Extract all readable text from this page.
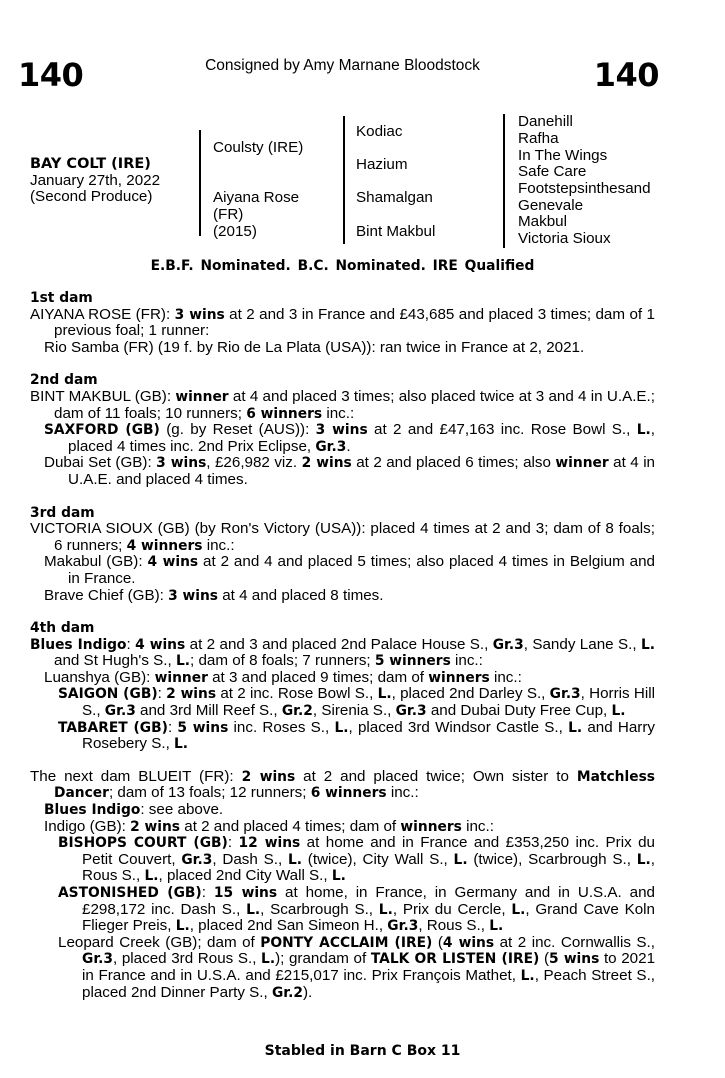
140	Consigned by Amy Marnane Bloodstock	140
BAY COLT (IRE)
January 27th, 2022
(Second Produce)
Coulsty (IRE)
Aiyana Rose
(FR)
(2015)
Kodiac
Hazium
Shamalgan
Bint Makbul
Danehill
Rafha
In The Wings
Safe Care
Footstepsinthesand
Genevale
Makbul
Victoria Sioux
E.B.F. Nominated. B.C. Nominated. IRE Qualified
1st dam
AIYANA ROSE (FR): 3 wins at 2 and 3 in France and £43,685 and placed 3 times; dam of 1 previous foal; 1 runner:
Rio Samba (FR) (19 f. by Rio de La Plata (USA)): ran twice in France at 2, 2021.
2nd dam
BINT MAKBUL (GB): winner at 4 and placed 3 times; also placed twice at 3 and 4 in U.A.E.; dam of 11 foals; 10 runners; 6 winners inc.:
SAXFORD (GB) (g. by Reset (AUS)): 3 wins at 2 and £47,163 inc. Rose Bowl S., L., placed 4 times inc. 2nd Prix Eclipse, Gr.3.
Dubai Set (GB): 3 wins, £26,982 viz. 2 wins at 2 and placed 6 times; also winner at 4 in U.A.E. and placed 4 times.
3rd dam
VICTORIA SIOUX (GB) (by Ron's Victory (USA)): placed 4 times at 2 and 3; dam of 8 foals; 6 runners; 4 winners inc.:
Makabul (GB): 4 wins at 2 and 4 and placed 5 times; also placed 4 times in Belgium and in France.
Brave Chief (GB): 3 wins at 4 and placed 8 times.
4th dam
Blues Indigo: 4 wins at 2 and 3 and placed 2nd Palace House S., Gr.3, Sandy Lane S., L. and St Hugh's S., L.; dam of 8 foals; 7 runners; 5 winners inc.:
Luanshya (GB): winner at 3 and placed 9 times; dam of winners inc.:
SAIGON (GB): 2 wins at 2 inc. Rose Bowl S., L., placed 2nd Darley S., Gr.3, Horris Hill S., Gr.3 and 3rd Mill Reef S., Gr.2, Sirenia S., Gr.3 and Dubai Duty Free Cup, L.
TABARET (GB): 5 wins inc. Roses S., L., placed 3rd Windsor Castle S., L. and Harry Rosebery S., L.
The next dam BLUEIT (FR): 2 wins at 2 and placed twice; Own sister to Matchless Dancer; dam of 13 foals; 12 runners; 6 winners inc.:
Blues Indigo: see above.
Indigo (GB): 2 wins at 2 and placed 4 times; dam of winners inc.:
BISHOPS COURT (GB): 12 wins at home and in France and £353,250 inc. Prix du Petit Couvert, Gr.3, Dash S., L. (twice), City Wall S., L. (twice), Scarbrough S., L., Rous S., L., placed 2nd City Wall S., L.
ASTONISHED (GB): 15 wins at home, in France, in Germany and in U.S.A. and £298,172 inc. Dash S., L., Scarbrough S., L., Prix du Cercle, L., Grand Cave Koln Flieger Preis, L., placed 2nd San Simeon H., Gr.3, Rous S., L.
Leopard Creek (GB); dam of PONTY ACCLAIM (IRE) (4 wins at 2 inc. Cornwallis S., Gr.3, placed 3rd Rous S., L.); grandam of TALK OR LISTEN (IRE) (5 wins to 2021 in France and in U.S.A. and £215,017 inc. Prix François Mathet, L., Peach Street S., placed 2nd Dinner Party S., Gr.2).
Stabled in Barn C Box 11
